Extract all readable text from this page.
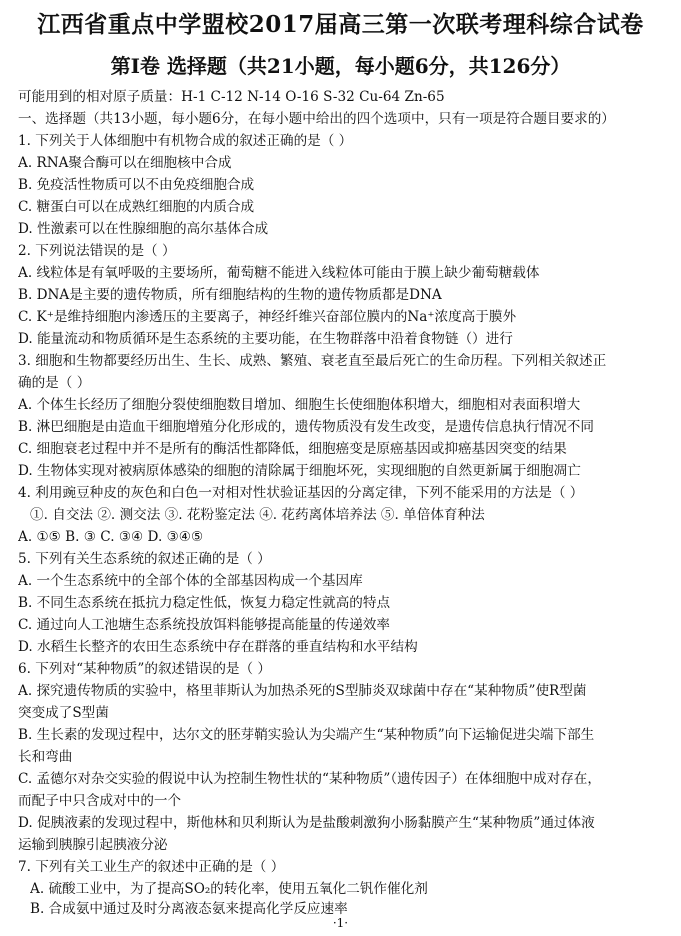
江西省重点中学盟校2017届高三第一次联考理科综合试卷
第Ⅰ卷 选择题（共21小题，每小题6分，共126分）
可能用到的相对原子质量：H-1 C-12 N-14 O-16 S-32 Cu-64 Zn-65
一、选择题（共13小题，每小题6分，在每小题中给出的四个选项中，只有一项是符合题目要求的）
1. 下列关于人体细胞中有机物合成的叙述正确的是（ ）
A. RNA聚合酶可以在细胞核中合成
B. 免疫活性物质可以不由免疫细胞合成
C. 糖蛋白可以在成熟红细胞的内质合成
D. 性激素可以在性腺细胞的高尔基体合成
2. 下列说法错误的是（ ）
A. 线粒体是有氧呼吸的主要场所，葡萄糖不能进入线粒体可能由于膜上缺少葡萄糖载体
B. DNA是主要的遗传物质，所有细胞结构的生物的遗传物质都是DNA
C. K⁺是维持细胞内渗透压的主要离子，神经纤维兴奋部位膜内的Na⁺浓度高于膜外
D. 能量流动和物质循环是生态系统的主要功能，在生物群落中沿着食物链（）进行
3. 细胞和生物都要经历出生、生长、成熟、繁殖、衰老直至最后死亡的生命历程。下列相关叙述正
确的是（ ）
A. 个体生长经历了细胞分裂使细胞数目增加、细胞生长使细胞体积增大，细胞相对表面积增大
B. 淋巴细胞是由造血干细胞增殖分化形成的，遗传物质没有发生改变，是遗传信息执行情况不同
C. 细胞衰老过程中并不是所有的酶活性都降低，细胞癌变是原癌基因或抑癌基因突变的结果
D. 生物体实现对被病原体感染的细胞的清除属于细胞坏死，实现细胞的自然更新属于细胞凋亡
4. 利用豌豆种皮的灰色和白色一对相对性状验证基因的分离定律，下列不能采用的方法是（ ）
①. 自交法 ②. 测交法 ③. 花粉鉴定法 ④. 花药离体培养法 ⑤. 单倍体育种法
A. ①⑤ B. ③ C. ③④ D. ③④⑤
5. 下列有关生态系统的叙述正确的是（ ）
A. 一个生态系统中的全部个体的全部基因构成一个基因库
B. 不同生态系统在抵抗力稳定性低，恢复力稳定性就高的特点
C. 通过向人工池塘生态系统投放饵料能够提高能量的传递效率
D. 水稻生长整齐的农田生态系统中存在群落的垂直结构和水平结构
6. 下列对“某种物质”的叙述错误的是（ ）
A. 探究遗传物质的实验中，格里菲斯认为加热杀死的S型肺炎双球菌中存在“某种物质”使R型菌
突变成了S型菌
B. 生长素的发现过程中，达尔文的胚芽鞘实验认为尖端产生“某种物质”向下运输促进尖端下部生
长和弯曲
C. 孟德尔对杂交实验的假说中认为控制生物性状的“某种物质”（遗传因子）在体细胞中成对存在，
而配子中只含成对中的一个
D. 促胰液素的发现过程中，斯他林和贝利斯认为是盐酸刺激狗小肠黏膜产生“某种物质”通过体液
运输到胰腺引起胰液分泌
7. 下列有关工业生产的叙述中正确的是（ ）
A. 硫酸工业中，为了提高SO₂的转化率，使用五氧化二钒作催化剂
B. 合成氨中通过及时分离液态氨来提高化学反应速率
·1·
